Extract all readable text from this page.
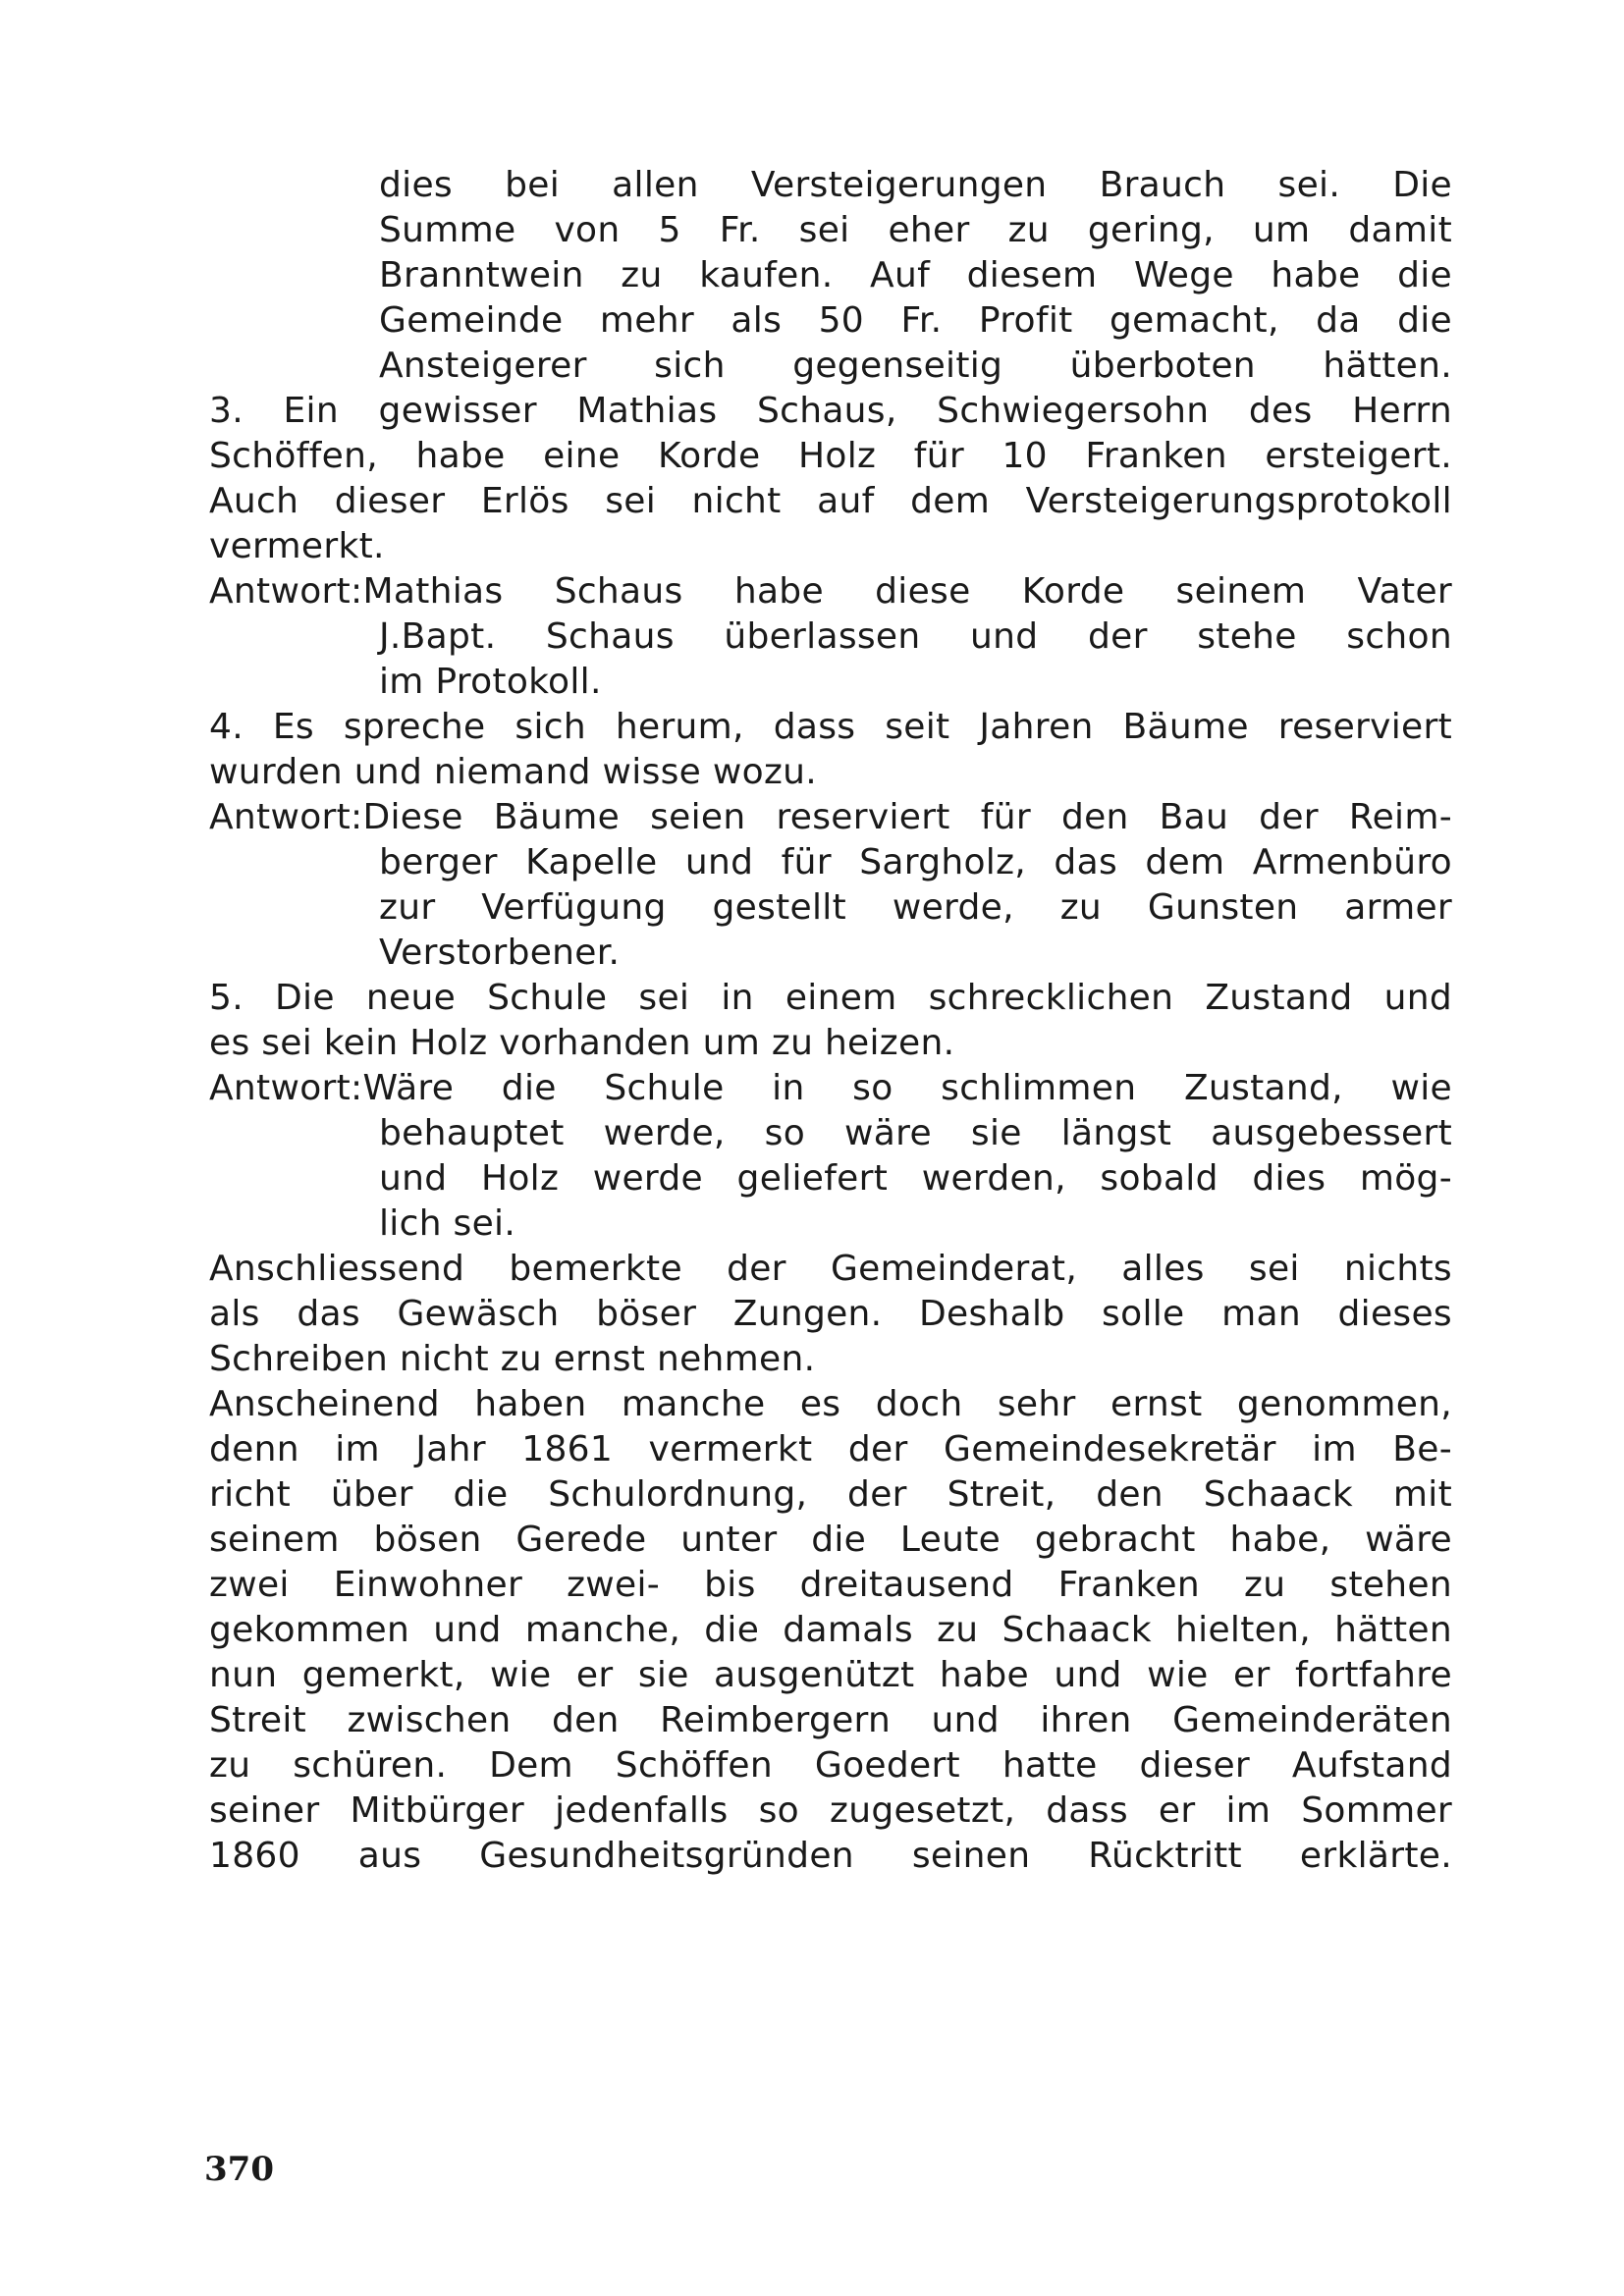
dies bei allen Versteigerungen Brauch sei. Die
Summe von 5 Fr. sei eher zu gering, um damit
Branntwein zu kaufen. Auf diesem Wege habe die
Gemeinde mehr als 50 Fr. Profit gemacht, da die
Ansteigerer sich gegenseitig überboten hätten.
3. Ein gewisser Mathias Schaus, Schwiegersohn des Herrn
Schöffen, habe eine Korde Holz für 10 Franken ersteigert.
Auch dieser Erlös sei nicht auf dem Versteigerungsprotokoll
vermerkt.
Antwort:Mathias Schaus habe diese Korde seinem Vater
J.Bapt. Schaus überlassen und der stehe schon
im Protokoll.
4. Es spreche sich herum, dass seit Jahren Bäume reserviert
wurden und niemand wisse wozu.
Antwort:Diese Bäume seien reserviert für den Bau der Reim-
berger Kapelle und für Sargholz, das dem Armenbüro
zur Verfügung gestellt werde, zu Gunsten armer
Verstorbener.
5. Die neue Schule sei in einem schrecklichen Zustand und
es sei kein Holz vorhanden um zu heizen.
Antwort:Wäre die Schule in so schlimmen Zustand, wie
behauptet werde, so wäre sie längst ausgebessert
und Holz werde geliefert werden, sobald dies mög-
lich sei.
Anschliessend bemerkte der Gemeinderat, alles sei nichts
als das Gewäsch böser Zungen. Deshalb solle man dieses
Schreiben nicht zu ernst nehmen.
Anscheinend haben manche es doch sehr ernst genommen,
denn im Jahr 1861 vermerkt der Gemeindesekretär im Be-
richt über die Schulordnung, der Streit, den Schaack mit
seinem bösen Gerede unter die Leute gebracht habe, wäre
zwei Einwohner zwei- bis dreitausend Franken zu stehen
gekommen und manche, die damals zu Schaack hielten, hätten
nun gemerkt, wie er sie ausgenützt habe und wie er fortfahre
Streit zwischen den Reimbergern und ihren Gemeinderäten
zu schüren. Dem Schöffen Goedert hatte dieser Aufstand
seiner Mitbürger jedenfalls so zugesetzt, dass er im Sommer
1860 aus Gesundheitsgründen seinen Rücktritt erklärte.
370
